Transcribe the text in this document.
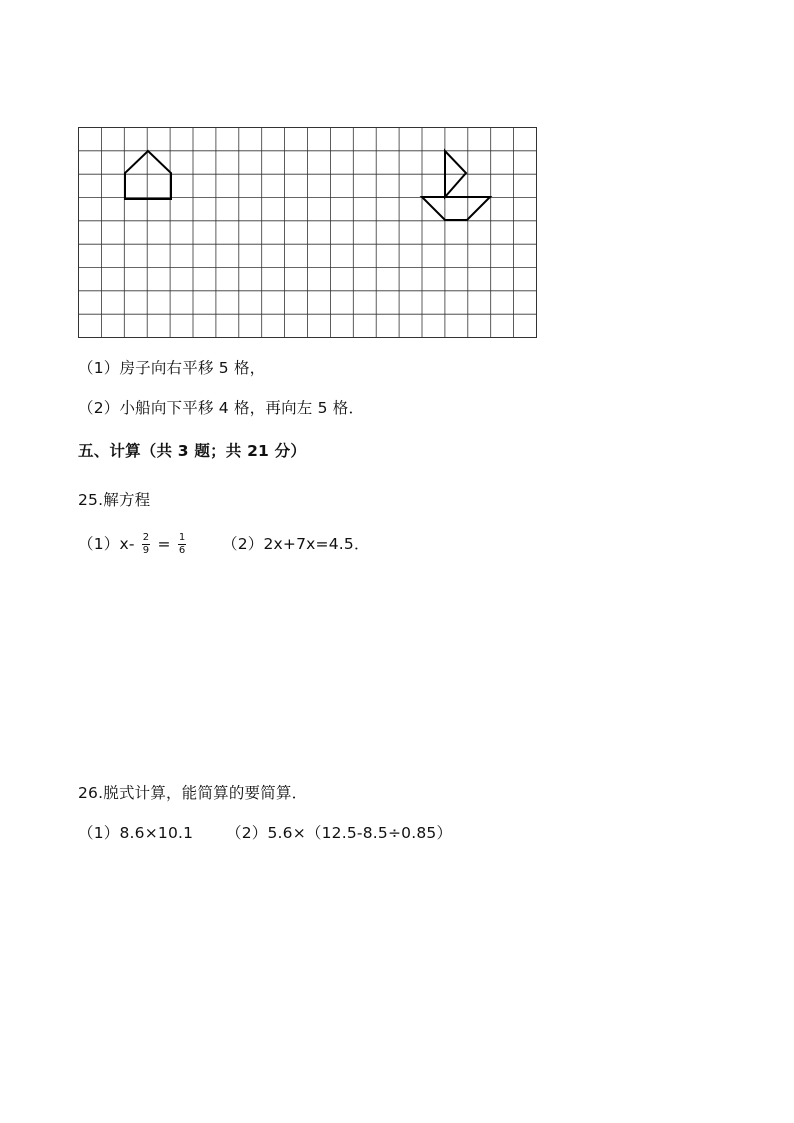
（1）房子向右平移 5 格，
（2）小船向下平移 4 格，再向左 5 格．
五、计算（共 3 题；共 21 分）
25.解方程
$(1)x- \frac{2}{9} = \frac{1}{6} (2)2x+7x=4.5$．
26.脱式计算，能简算的要简算．
（1）8.6×10.1 （2）5.6×（12.5-8.5÷0.85）
